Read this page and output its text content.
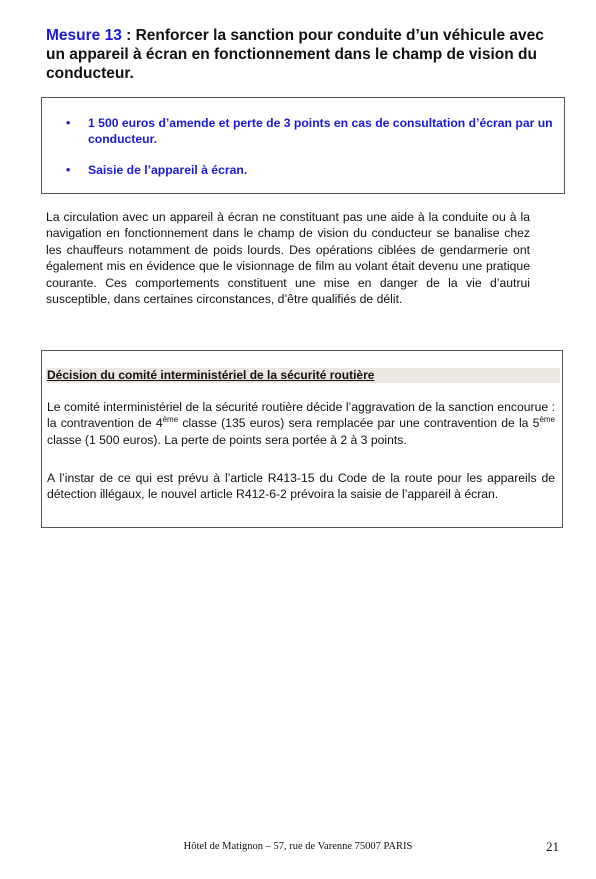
Mesure 13 : Renforcer la sanction pour conduite d’un véhicule avec un appareil à écran en fonctionnement dans le champ de vision du conducteur.
• 1 500 euros d’amende et perte de 3 points en cas de consultation d’écran par un conducteur.
• Saisie de l’appareil à écran.
La circulation avec un appareil à écran ne constituant pas une aide à la conduite ou à la navigation en fonctionnement dans le champ de vision du conducteur se banalise chez les chauffeurs notamment de poids lourds. Des opérations ciblées de gendarmerie ont également mis en évidence que le visionnage de film au volant était devenu une pratique courante. Ces comportements constituent une mise en danger de la vie d’autrui susceptible, dans certaines circonstances, d’être qualifiés de délit.
Décision du comité interministériel de la sécurité routière
Le comité interministériel de la sécurité routière décide l’aggravation de la sanction encourue : la contravention de 4ème classe (135 euros) sera remplacée par une contravention de la 5ème classe (1 500 euros). La perte de points sera portée à 2 à 3 points.
A l’instar de ce qui est prévu à l’article R413-15 du Code de la route pour les appareils de détection illégaux, le nouvel article R412-6-2 prévoira la saisie de l’appareil à écran.
Hôtel de Matignon – 57, rue de Varenne 75007 PARIS	21
